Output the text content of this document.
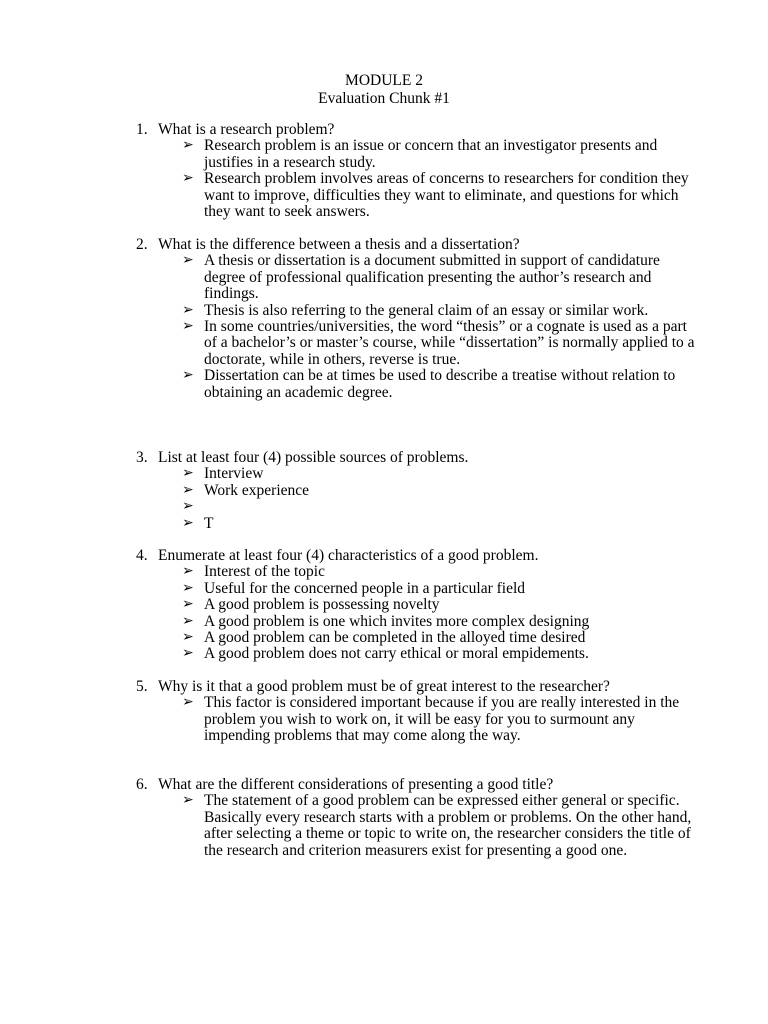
MODULE 2
Evaluation Chunk #1
1. What is a research problem?
➢ Research problem is an issue or concern that an investigator presents and justifies in a research study.
➢ Research problem involves areas of concerns to researchers for condition they want to improve, difficulties they want to eliminate, and questions for which they want to seek answers.
2. What is the difference between a thesis and a dissertation?
➢ A thesis or dissertation is a document submitted in support of candidature degree of professional qualification presenting the author’s research and findings.
➢ Thesis is also referring to the general claim of an essay or similar work.
➢ In some countries/universities, the word “thesis” or a cognate is used as a part of a bachelor’s or master’s course, while “dissertation” is normally applied to a doctorate, while in others, reverse is true.
➢ Dissertation can be at times be used to describe a treatise without relation to obtaining an academic degree.
3. List at least four (4) possible sources of problems.
➢ Interview
➢ Work experience
➢
➢ T
4. Enumerate at least four (4) characteristics of a good problem.
➢ Interest of the topic
➢ Useful for the concerned people in a particular field
➢ A good problem is possessing novelty
➢ A good problem is one which invites more complex designing
➢ A good problem can be completed in the alloyed time desired
➢ A good problem does not carry ethical or moral empidements.
5. Why is it that a good problem must be of great interest to the researcher?
➢ This factor is considered important because if you are really interested in the problem you wish to work on, it will be easy for you to surmount any impending problems that may come along the way.
6. What are the different considerations of presenting a good title?
➢ The statement of a good problem can be expressed either general or specific. Basically every research starts with a problem or problems. On the other hand, after selecting a theme or topic to write on, the researcher considers the title of the research and criterion measurers exist for presenting a good one.
